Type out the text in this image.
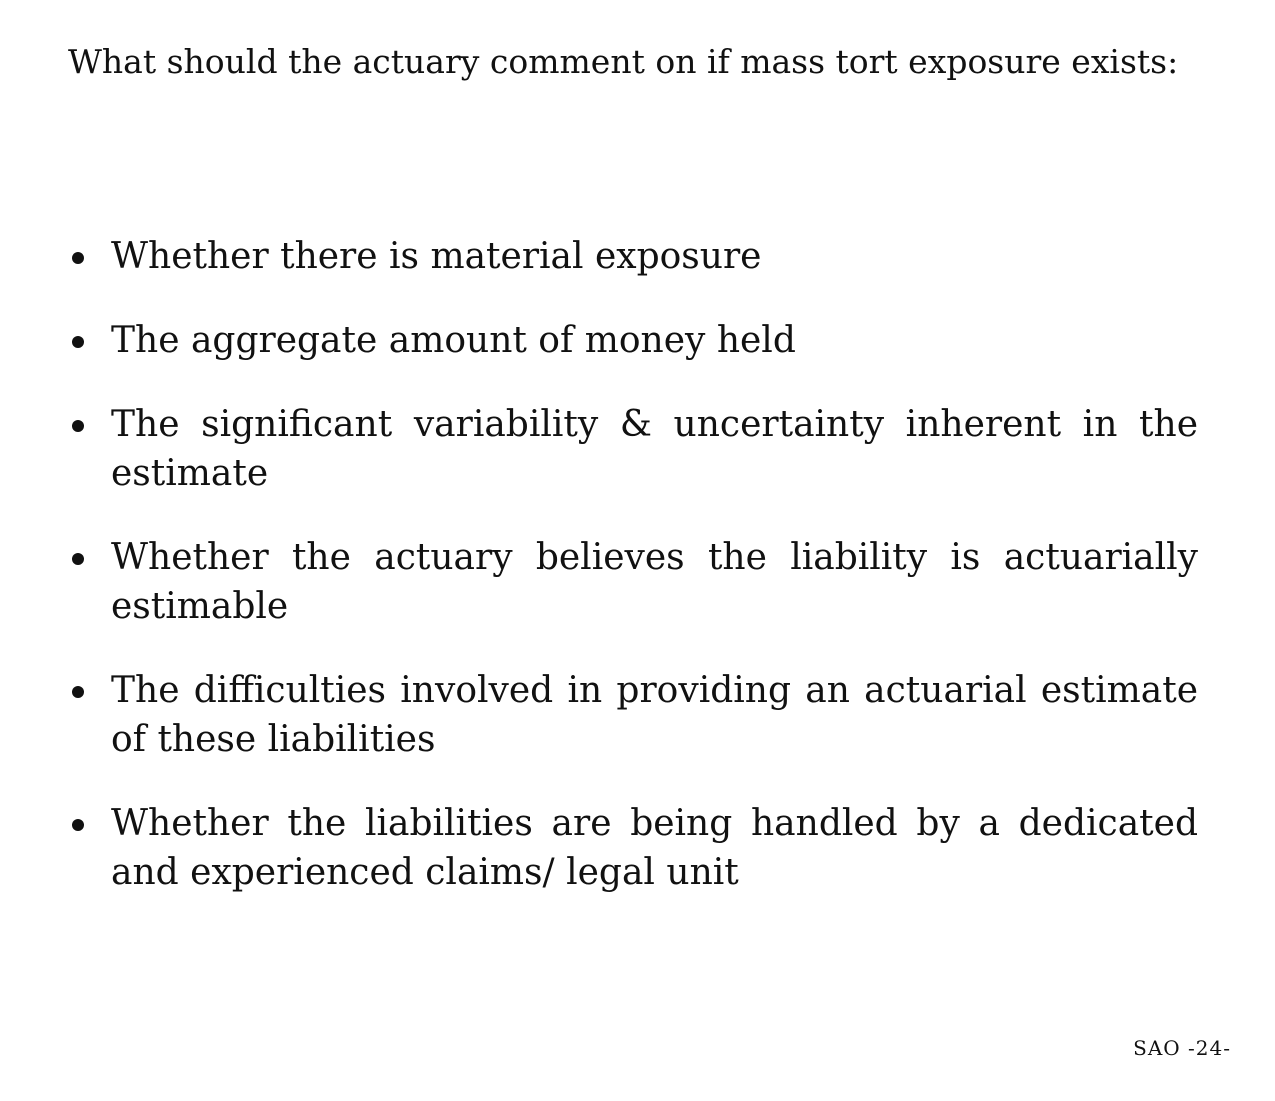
What should the actuary comment on if mass tort exposure exists:
Whether there is material exposure
The aggregate amount of money held
The significant variability & uncertainty inherent in the estimate
Whether the actuary believes the liability is actuarially estimable
The difficulties involved in providing an actuarial estimate of these liabilities
Whether the liabilities are being handled by a dedicated and experienced claims/ legal unit
SAO -24-
